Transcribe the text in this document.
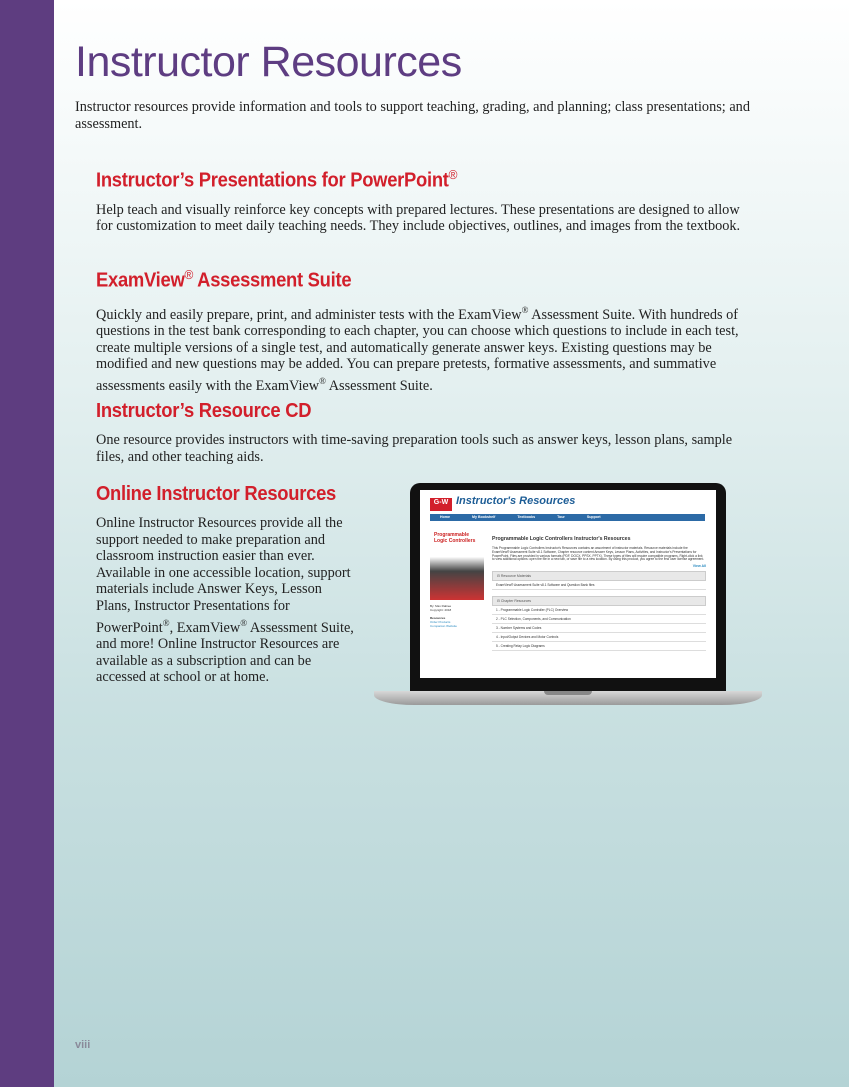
Instructor Resources

Instructor resources provide information and tools to support teaching, grading, and planning; class presentations; and assessment.

Instructor’s Presentations for PowerPoint®

Help teach and visually reinforce key concepts with prepared lectures. These presentations are designed to allow for customization to meet daily teaching needs. They include objectives, outlines, and images from the textbook.

ExamView® Assessment Suite

Quickly and easily prepare, print, and administer tests with the ExamView® Assessment Suite. With hundreds of questions in the test bank corresponding to each chapter, you can choose which questions to include in each test, create multiple versions of a single test, and automatically generate answer keys. Existing questions may be modified and new questions may be added. You can prepare pretests, formative assessments, and summative assessments easily with the ExamView® Assessment Suite.

Instructor’s Resource CD

One resource provides instructors with time-saving preparation tools such as answer keys, lesson plans, sample files, and other teaching aids.

Online Instructor Resources

Online Instructor Resources provide all the support needed to make preparation and classroom instruction easier than ever. Available in one accessible location, support materials include Answer Keys, Lesson Plans, Instructor Presentations for PowerPoint®, ExamView® Assessment Suite, and more! Online Instructor Resources are available as a subscription and can be accessed at school or at home.

G-W Instructor's Resources
Home	My Bookshelf	Textbooks	Tour	Support
Programmable Logic Controllers
By: Max Rabiee
Copyright: 2018

Resources
Order Products
Companion Website
Programmable Logic Controllers Instructor's Resources
This Programmable Logic Controllers Instructor's Resources contains an assortment of instructor materials. Resource materials include the ExamView® Assessment Suite v8.1 Software, Chapter resource content Answer Keys, Lesson Plans, Activities, and Instructor's Presentations for PowerPoint. Files are provided in various formats (PDF, DOCX, PPSX, PPTX). These types of files will require compatible programs. Right-click a link to view additional options: open the file in a new tab, or save file to a new location. By using this product, you agree to the end user license agreement.
View All
⊟ Resource Materials
ExamView® Assessment Suite v8.1 Software and Question Bank files
⊟ Chapter Resources
1 - Programmable Logic Controller (PLC) Overview
2 - PLC Selection, Components, and Communication
3 - Number Systems and Codes
4 - Input/Output Devices and Motor Controls
5 - Creating Relay Logic Diagrams
viii
